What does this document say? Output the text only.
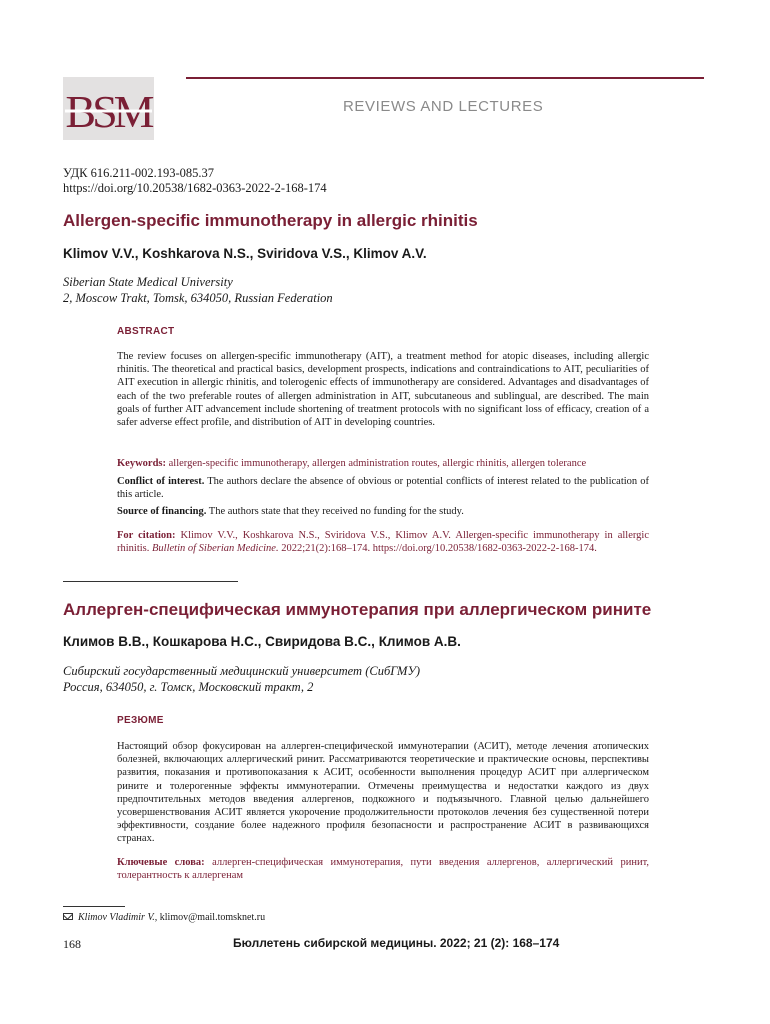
BSM	REVIEWS AND LECTURES
УДК 616.211-002.193-085.37
https://doi.org/10.20538/1682-0363-2022-2-168-174
Allergen-specific immunotherapy in allergic rhinitis
Klimov V.V., Koshkarova N.S., Sviridova V.S., Klimov A.V.
Siberian State Medical University
2, Moscow Trakt, Tomsk, 634050, Russian Federation
ABSTRACT
The review focuses on allergen-specific immunotherapy (AIT), a treatment method for atopic diseases, including allergic rhinitis. The theoretical and practical basics, development prospects, indications and contraindications to AIT, peculiarities of AIT execution in allergic rhinitis, and tolerogenic effects of immunotherapy are considered. Advantages and disadvantages of each of the two preferable routes of allergen administration in AIT, subcutaneous and sublingual, are described. The main goals of further AIT advancement include shortening of treatment protocols with no significant loss of efficacy, creation of a safer adverse effect profile, and distribution of AIT in developing countries.
Keywords: allergen-specific immunotherapy, allergen administration routes, allergic rhinitis, allergen tolerance
Conflict of interest. The authors declare the absence of obvious or potential conflicts of interest related to the publication of this article.
Source of financing. The authors state that they received no funding for the study.
For citation: Klimov V.V., Koshkarova N.S., Sviridova V.S., Klimov A.V. Allergen-specific immunotherapy in allergic rhinitis. Bulletin of Siberian Medicine. 2022;21(2):168–174. https://doi.org/10.20538/1682-0363-2022-2-168-174.
Аллерген-специфическая иммунотерапия при аллергическом рините
Климов В.В., Кошкарова Н.С., Свиридова В.С., Климов А.В.
Сибирский государственный медицинский университет (СибГМУ)
Россия, 634050, г. Томск, Московский тракт, 2
РЕЗЮМЕ
Настоящий обзор фокусирован на аллерген-специфической иммунотерапии (АСИТ), методе лечения атопических болезней, включающих аллергический ринит. Рассматриваются теоретические и практические основы, перспективы развития, показания и противопоказания к АСИТ, особенности выполнения процедур АСИТ при аллергическом рините и толерогенные эффекты иммунотерапии. Отмечены преимущества и недостатки каждого из двух предпочтительных методов введения аллергенов, подкожного и подъязычного. Главной целью дальнейшего усовершенствования АСИТ является укорочение продолжительности протоколов лечения без существенной потери эффективности, создание более надежного профиля безопасности и распространение АСИТ в развивающихся странах.
Ключевые слова: аллерген-специфическая иммунотерапия, пути введения аллергенов, аллергический ринит, толерантность к аллергенам
Klimov Vladimir V., klimov@mail.tomsknet.ru
168	Бюллетень сибирской медицины. 2022; 21 (2): 168–174
